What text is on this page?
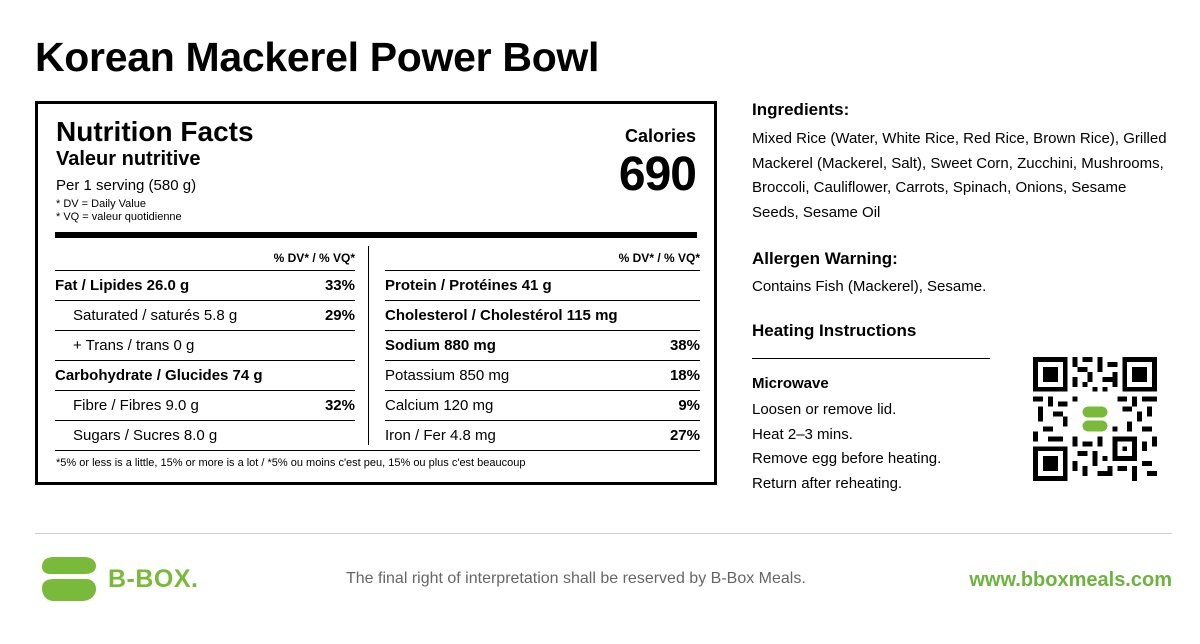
Korean Mackerel Power Bowl
Nutrition Facts
Valeur nutritive
Per 1 serving (580 g)
* DV = Daily Value
* VQ = valeur quotidienne
Calories
690
% DV* / % VQ*
Fat / Lipides 26.0 g	33%
Saturated / saturés 5.8 g	29%
+ Trans / trans 0 g
Carbohydrate / Glucides 74 g
Fibre / Fibres 9.0 g	32%
Sugars / Sucres 8.0 g
% DV* / % VQ*
Protein / Protéines 41 g
Cholesterol / Cholestérol 115 mg
Sodium 880 mg	38%
Potassium 850 mg	18%
Calcium 120 mg	9%
Iron / Fer 4.8 mg	27%
*5% or less is a little, 15% or more is a lot / *5% ou moins c'est peu, 15% ou plus c'est beaucoup
Ingredients:
Mixed Rice (Water, White Rice, Red Rice, Brown Rice), Grilled Mackerel (Mackerel, Salt), Sweet Corn, Zucchini, Mushrooms, Broccoli, Cauliflower, Carrots, Spinach, Onions, Sesame Seeds, Sesame Oil
Allergen Warning:
Contains Fish (Mackerel), Sesame.
Heating Instructions
Microwave
Loosen or remove lid.
Heat 2–3 mins.
Remove egg before heating.
Return after reheating.
B-BOX.	The final right of interpretation shall be reserved by B-Box Meals.	www.bboxmeals.com
